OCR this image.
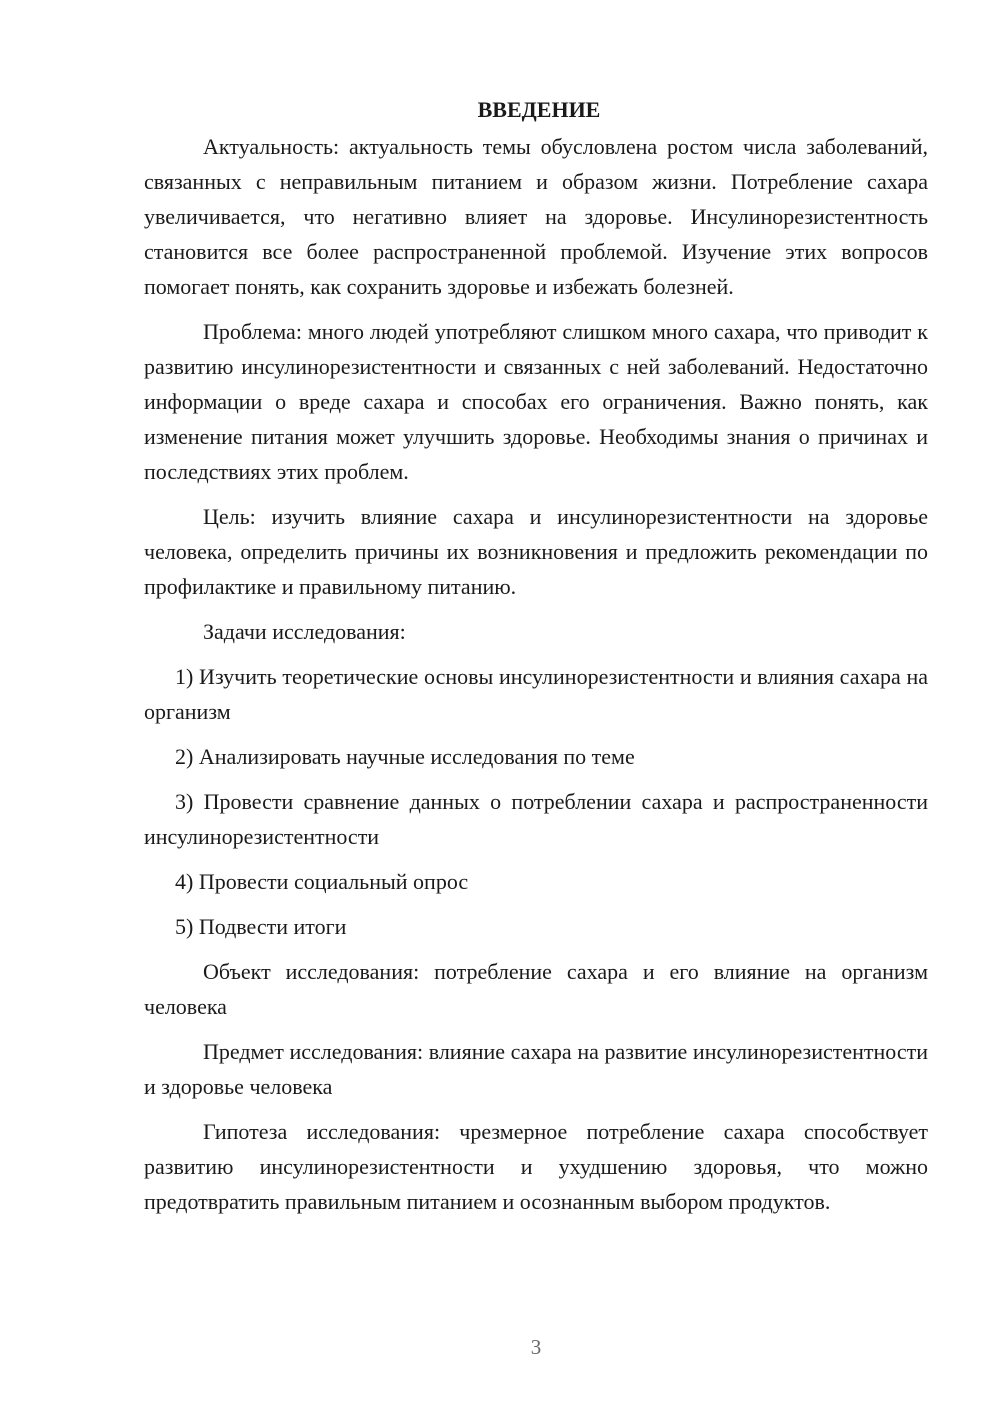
ВВЕДЕНИЕ

Актуальность: актуальность темы обусловлена ростом числа заболеваний, связанных с неправильным питанием и образом жизни. Потребление сахара увеличивается, что негативно влияет на здоровье. Инсулинорезистентность становится все более распространенной проблемой. Изучение этих вопросов помогает понять, как сохранить здоровье и избежать болезней.

Проблема: много людей употребляют слишком много сахара, что приводит к развитию инсулинорезистентности и связанных с ней заболеваний. Недостаточно информации о вреде сахара и способах его ограничения. Важно понять, как изменение питания может улучшить здоровье. Необходимы знания о причинах и последствиях этих проблем.

Цель: изучить влияние сахара и инсулинорезистентности на здоровье человека, определить причины их возникновения и предложить рекомендации по профилактике и правильному питанию.

Задачи исследования:

1) Изучить теоретические основы инсулинорезистентности и влияния сахара на организм

2) Анализировать научные исследования по теме

3) Провести сравнение данных о потреблении сахара и распространенности инсулинорезистентности

4) Провести социальный опрос

5) Подвести итоги

Объект исследования: потребление сахара и его влияние на организм человека

Предмет исследования: влияние сахара на развитие инсулинорезистентности и здоровье человека

Гипотеза исследования: чрезмерное потребление сахара способствует развитию инсулинорезистентности и ухудшению здоровья, что можно предотвратить правильным питанием и осознанным выбором продуктов.

3
